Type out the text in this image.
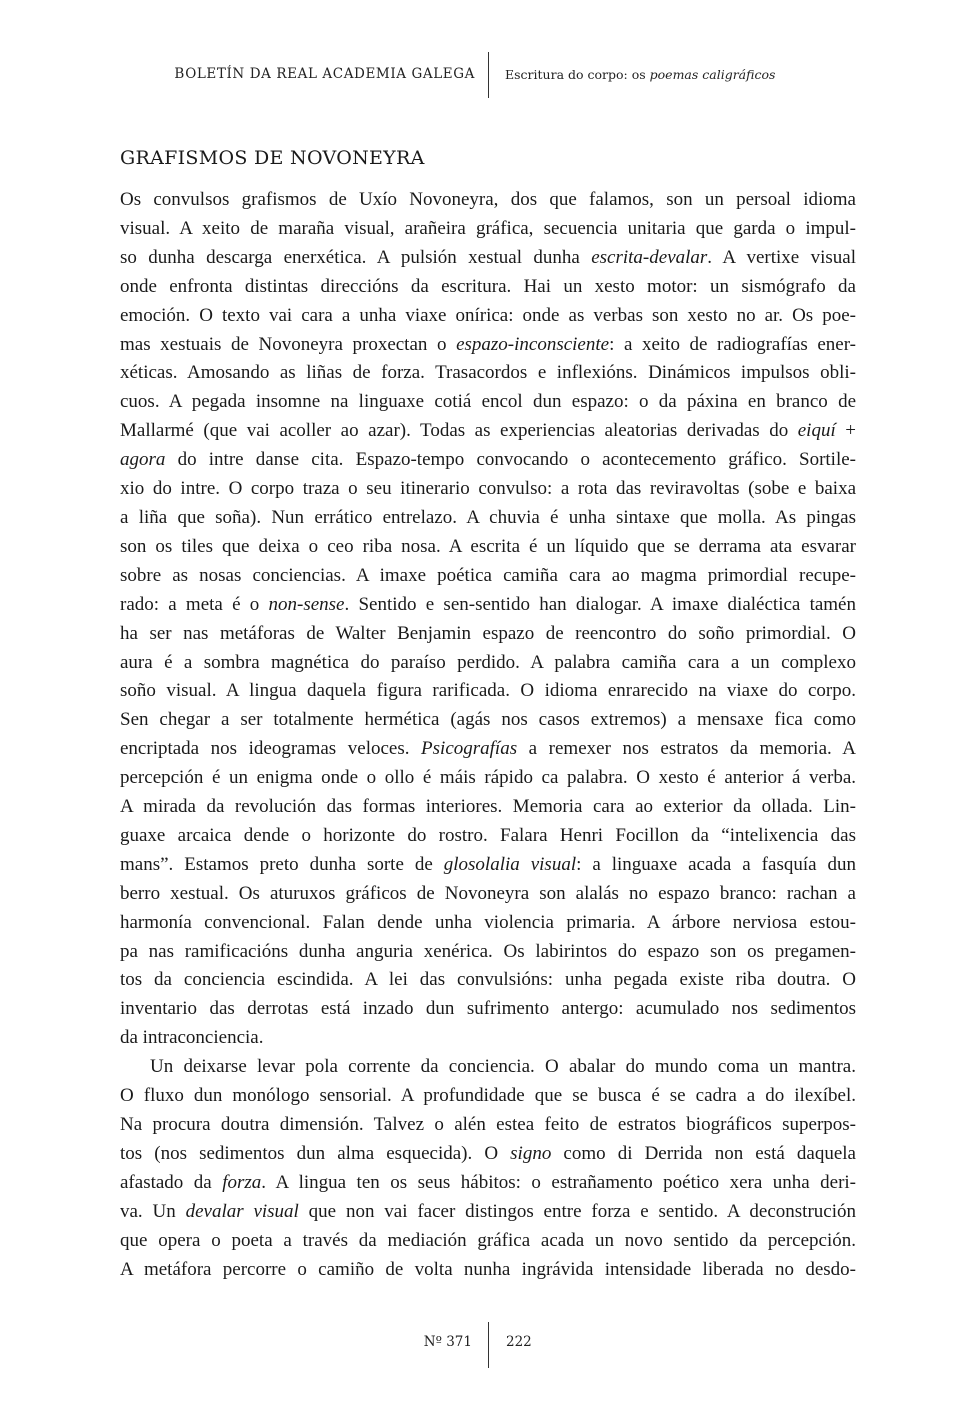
BOLETÍN DA REAL ACADEMIA GALEGA Escritura do corpo: os poemas caligráficos
GRAFISMOS DE NOVONEYRA
Os convulsos grafismos de Uxío Novoneyra, dos que falamos, son un persoal idioma
visual. A xeito de maraña visual, arañeira gráfica, secuencia unitaria que garda o impul-
so dunha descarga enerxética. A pulsión xestual dunha escrita-devalar. A vertixe visual
onde enfronta distintas direccións da escritura. Hai un xesto motor: un sismógrafo da
emoción. O texto vai cara a unha viaxe onírica: onde as verbas son xesto no ar. Os poe-
mas xestuais de Novoneyra proxectan o espazo-inconsciente: a xeito de radiografías ener-
xéticas. Amosando as liñas de forza. Trasacordos e inflexións. Dinámicos impulsos obli-
cuos. A pegada insomne na linguaxe cotiá encol dun espazo: o da páxina en branco de
Mallarmé (que vai acoller ao azar). Todas as experiencias aleatorias derivadas do eiquí +
agora do intre danse cita. Espazo-tempo convocando o acontecemento gráfico. Sortile-
xio do intre. O corpo traza o seu itinerario convulso: a rota das reviravoltas (sobe e baixa
a liña que soña). Nun errático entrelazo. A chuvia é unha sintaxe que molla. As pingas
son os tiles que deixa o ceo riba nosa. A escrita é un líquido que se derrama ata esvarar
sobre as nosas conciencias. A imaxe poética camiña cara ao magma primordial recupe-
rado: a meta é o non-sense. Sentido e sen-sentido han dialogar. A imaxe dialéctica tamén
ha ser nas metáforas de Walter Benjamin espazo de reencontro do soño primordial. O
aura é a sombra magnética do paraíso perdido. A palabra camiña cara a un complexo
soño visual. A lingua daquela figura rarificada. O idioma enrarecido na viaxe do corpo.
Sen chegar a ser totalmente hermética (agás nos casos extremos) a mensaxe fica como
encriptada nos ideogramas veloces. Psicografías a remexer nos estratos da memoria. A
percepción é un enigma onde o ollo é máis rápido ca palabra. O xesto é anterior á verba.
A mirada da revolución das formas interiores. Memoria cara ao exterior da ollada. Lin-
guaxe arcaica dende o horizonte do rostro. Falara Henri Focillon da “intelixencia das
mans”. Estamos preto dunha sorte de glosolalia visual: a linguaxe acada a fasquía dun
berro xestual. Os aturuxos gráficos de Novoneyra son alalás no espazo branco: rachan a
harmonía convencional. Falan dende unha violencia primaria. A árbore nerviosa estou-
pa nas ramificacións dunha anguria xenérica. Os labirintos do espazo son os pregamen-
tos da conciencia escindida. A lei das convulsións: unha pegada existe riba doutra. O
inventario das derrotas está inzado dun sufrimento antergo: acumulado nos sedimentos
da intraconciencia.
Un deixarse levar pola corrente da conciencia. O abalar do mundo coma un mantra.
O fluxo dun monólogo sensorial. A profundidade que se busca é se cadra a do ilexíbel.
Na procura doutra dimensión. Talvez o alén estea feito de estratos biográficos superpos-
tos (nos sedimentos dun alma esquecida). O signo como di Derrida non está daquela
afastado da forza. A lingua ten os seus hábitos: o estrañamento poético xera unha deri-
va. Un devalar visual que non vai facer distingos entre forza e sentido. A deconstrución
que opera o poeta a través da mediación gráfica acada un novo sentido da percepción.
A metáfora percorre o camiño de volta nunha ingrávida intensidade liberada no desdo-
Nº 371	222
